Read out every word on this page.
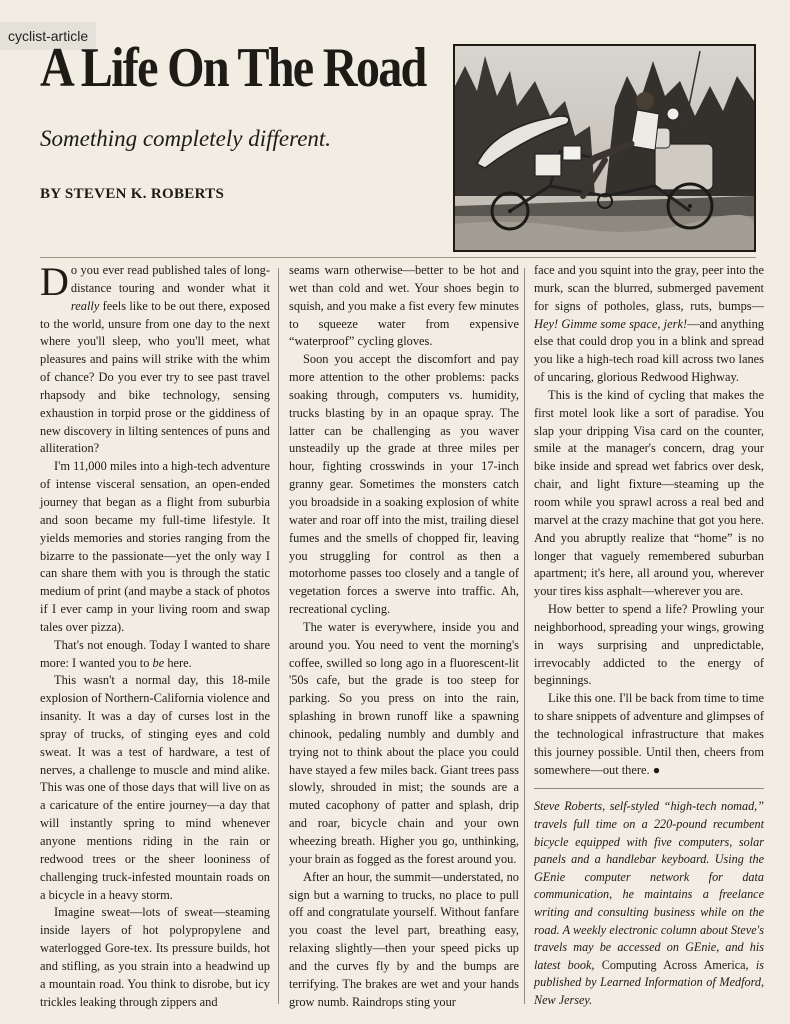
cyclist-article
A Life On The Road
Something completely different.
BY STEVEN K. ROBERTS

Do you ever read published tales of long-distance touring and wonder what it really feels like to be out there, exposed to the world, unsure from one day to the next where you'll sleep, who you'll meet, what pleasures and pains will strike with the whim of chance? Do you ever try to see past travel rhapsody and bike technology, sensing exhaustion in torpid prose or the giddiness of new discovery in lilting sentences of puns and alliteration?

I'm 11,000 miles into a high-tech adventure of intense visceral sensation, an open-ended journey that began as a flight from suburbia and soon became my full-time lifestyle. It yields memories and stories ranging from the bizarre to the passionate—yet the only way I can share them with you is through the static medium of print (and maybe a stack of photos if I ever camp in your living room and swap tales over pizza).

That's not enough. Today I wanted to share more: I wanted you to be here.

This wasn't a normal day, this 18-mile explosion of Northern-California violence and insanity. It was a day of curses lost in the spray of trucks, of stinging eyes and cold sweat. It was a test of hardware, a test of nerves, a challenge to muscle and mind alike. This was one of those days that will live on as a caricature of the entire journey—a day that will instantly spring to mind whenever anyone mentions riding in the rain or redwood trees or the sheer looniness of challenging truck-infested mountain roads on a bicycle in a heavy storm.

Imagine sweat—lots of sweat—steaming inside layers of hot polypropylene and waterlogged Gore-tex. Its pressure builds, hot and stifling, as you strain into a headwind up a mountain road. You think to disrobe, but icy trickles leaking through zippers and

seams warn otherwise—better to be hot and wet than cold and wet. Your shoes begin to squish, and you make a fist every few minutes to squeeze water from expensive “waterproof” cycling gloves.

Soon you accept the discomfort and pay more attention to the other problems: packs soaking through, computers vs. humidity, trucks blasting by in an opaque spray. The latter can be challenging as you waver unsteadily up the grade at three miles per hour, fighting crosswinds in your 17-inch granny gear. Sometimes the monsters catch you broadside in a soaking explosion of white water and roar off into the mist, trailing diesel fumes and the smells of chopped fir, leaving you struggling for control as then a motorhome passes too closely and a tangle of vegetation forces a swerve into traffic. Ah, recreational cycling.

The water is everywhere, inside you and around you. You need to vent the morning's coffee, swilled so long ago in a fluorescent-lit '50s cafe, but the grade is too steep for parking. So you press on into the rain, splashing in brown runoff like a spawning chinook, pedaling numbly and dumbly and trying not to think about the place you could have stayed a few miles back. Giant trees pass slowly, shrouded in mist; the sounds are a muted cacophony of patter and splash, drip and roar, bicycle chain and your own wheezing breath. Higher you go, unthinking, your brain as fogged as the forest around you.

After an hour, the summit—understated, no sign but a warning to trucks, no place to pull off and congratulate yourself. Without fanfare you coast the level part, breathing easy, relaxing slightly—then your speed picks up and the curves fly by and the bumps are terrifying. The brakes are wet and your hands grow numb. Raindrops sting your

face and you squint into the gray, peer into the murk, scan the blurred, submerged pavement for signs of potholes, glass, ruts, bumps—Hey! Gimme some space, jerk!—and anything else that could drop you in a blink and spread you like a high-tech road kill across two lanes of uncaring, glorious Redwood Highway.

This is the kind of cycling that makes the first motel look like a sort of paradise. You slap your dripping Visa card on the counter, smile at the manager's concern, drag your bike inside and spread wet fabrics over desk, chair, and light fixture—steaming up the room while you sprawl across a real bed and marvel at the crazy machine that got you here. And you abruptly realize that “home” is no longer that vaguely remembered suburban apartment; it's here, all around you, wherever your tires kiss asphalt—wherever you are.

How better to spend a life? Prowling your neighborhood, spreading your wings, growing in ways surprising and unpredictable, irrevocably addicted to the energy of beginnings.

Like this one. I'll be back from time to time to share snippets of adventure and glimpses of the technological infrastructure that makes this journey possible. Until then, cheers from somewhere—out there. ●

Steve Roberts, self-styled “high-tech nomad,” travels full time on a 220-pound recumbent bicycle equipped with five computers, solar panels and a handlebar keyboard. Using the GEnie computer network for data communication, he maintains a freelance writing and consulting business while on the road. A weekly electronic column about Steve's travels may be accessed on GEnie, and his latest book, Computing Across America, is published by Learned Information of Medford, New Jersey.
